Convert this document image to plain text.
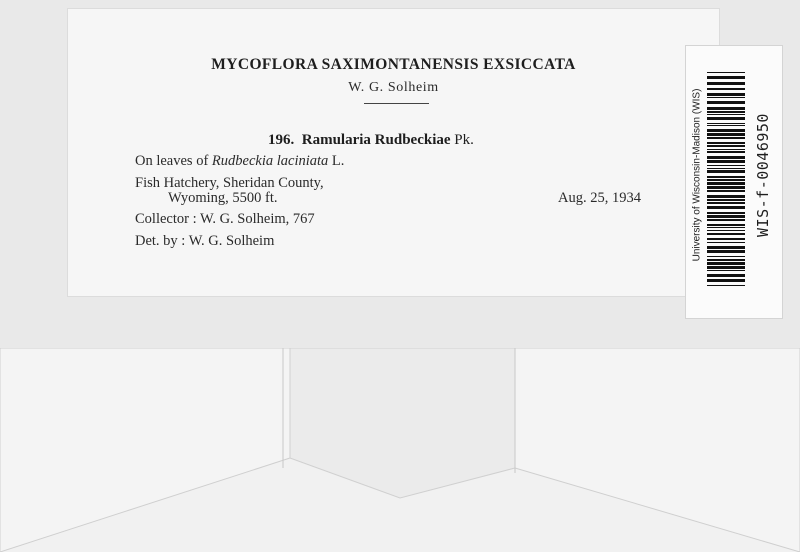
MYCOFLORA SAXIMONTANENSIS EXSICCATA
W. G. Solheim
196. Ramularia Rudbeckiae Pk.
On leaves of Rudbeckia laciniata L.
Fish Hatchery, Sheridan County,
Wyoming, 5500 ft.	Aug. 25, 1934
Collector : W. G. Solheim, 767
Det. by : W. G. Solheim	University of Wisconsin-Madison (WIS)	WIS-f-0046950
